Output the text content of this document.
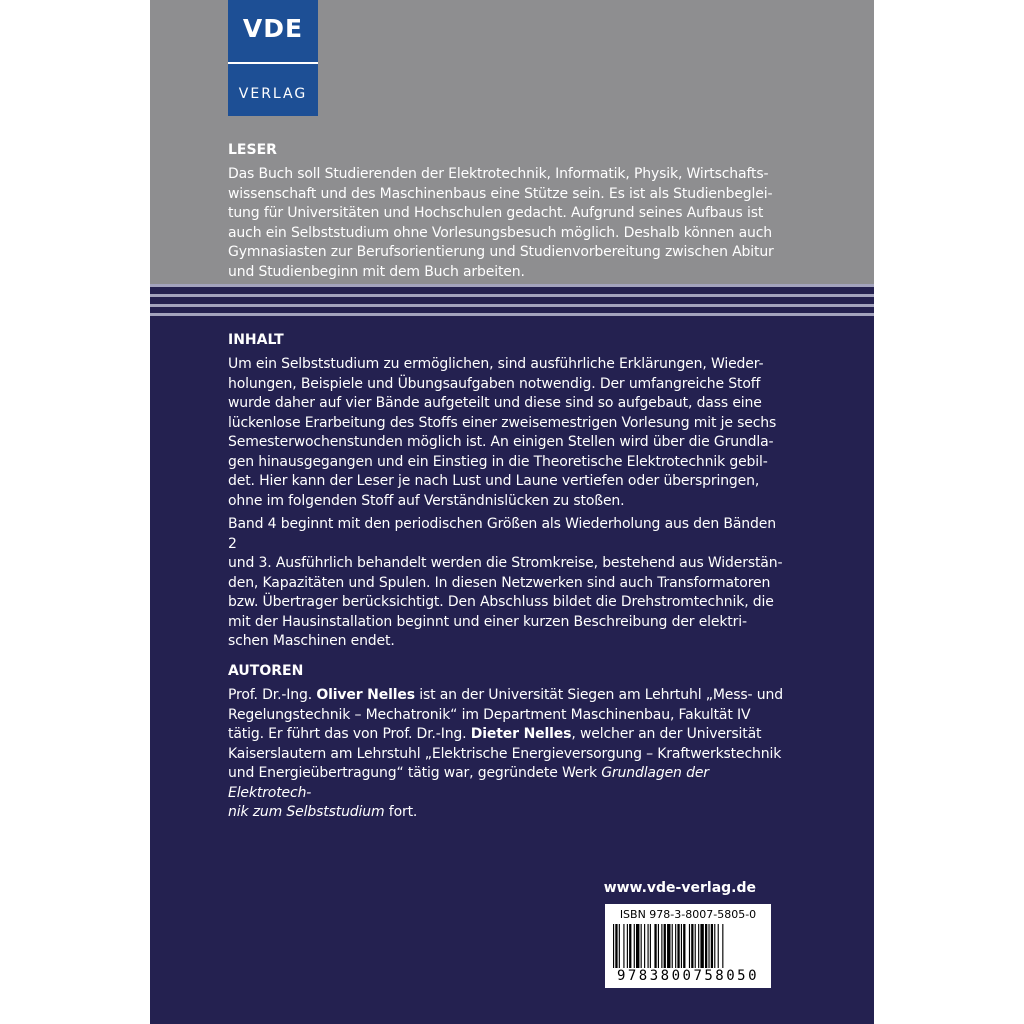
VDE
VERLAG
LESER

Das Buch soll Studierenden der Elektrotechnik, Informatik, Physik, Wirtschafts-
wissenschaft und des Maschinenbaus eine Stütze sein. Es ist als Studienbeglei-
tung für Universitäten und Hochschulen gedacht. Aufgrund seines Aufbaus ist
auch ein Selbststudium ohne Vorlesungsbesuch möglich. Deshalb können auch
Gymnasiasten zur Berufsorientierung und Studienvorbereitung zwischen Abitur
und Studienbeginn mit dem Buch arbeiten.

INHALT

Um ein Selbststudium zu ermöglichen, sind ausführliche Erklärungen, Wieder-
holungen, Beispiele und Übungsaufgaben notwendig. Der umfangreiche Stoff
wurde daher auf vier Bände aufgeteilt und diese sind so aufgebaut, dass eine
lückenlose Erarbeitung des Stoffs einer zweisemestrigen Vorlesung mit je sechs
Semesterwochenstunden möglich ist. An einigen Stellen wird über die Grundla-
gen hinausgegangen und ein Einstieg in die Theoretische Elektrotechnik gebil-
det. Hier kann der Leser je nach Lust und Laune vertiefen oder überspringen,
ohne im folgenden Stoff auf Verständnislücken zu stoßen.

Band 4 beginnt mit den periodischen Größen als Wiederholung aus den Bänden 2
und 3. Ausführlich behandelt werden die Stromkreise, bestehend aus Widerstän-
den, Kapazitäten und Spulen. In diesen Netzwerken sind auch Transformatoren
bzw. Übertrager berücksichtigt. Den Abschluss bildet die Drehstromtechnik, die
mit der Hausinstallation beginnt und einer kurzen Beschreibung der elektri-
schen Maschinen endet.

AUTOREN

Prof. Dr.-Ing. Oliver Nelles ist an der Universität Siegen am Lehrtuhl „Mess- und
Regelungstechnik – Mechatronik“ im Department Maschinenbau, Fakultät IV
tätig. Er führt das von Prof. Dr.-Ing. Dieter Nelles, welcher an der Universität
Kaiserslautern am Lehrstuhl „Elektrische Energieversorgung – Kraftwerkstechnik
und Energieübertragung“ tätig war, gegründete Werk Grundlagen der Elektrotech-
nik zum Selbststudium fort.

www.vde-verlag.de
ISBN 978-3-8007-5805-0
9783800758050
